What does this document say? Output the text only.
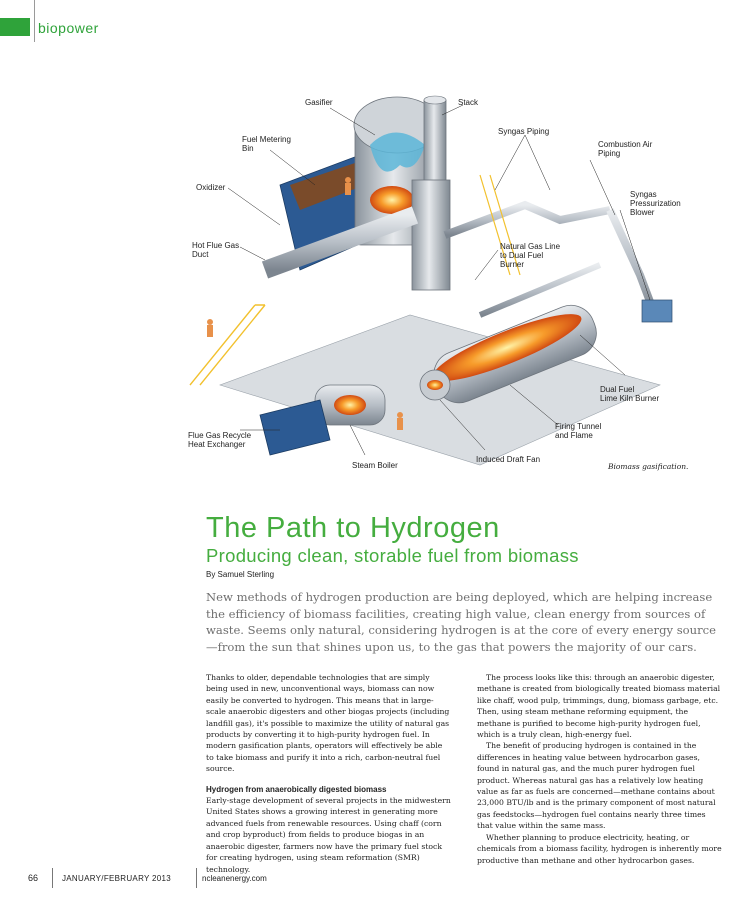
biopower
Gasifier	Stack
Syngas Piping
Fuel Metering
Bin	Combustion Air
Piping
Oxidizer
Syngas
Pressurization
Blower
Hot Flue Gas
Duct
Natural Gas Line
to Dual Fuel
Burner
Dual Fuel
Lime Kiln Burner
Flue Gas Recycle
Heat Exchanger
Firing Tunnel
and Flame
Steam Boiler
Induced Draft Fan
Biomass gasification.
The Path to Hydrogen
Producing clean, storable fuel from biomass
By Samuel Sterling

New methods of hydrogen production are being deployed, which are helping increase the efficiency of biomass facilities, creating high value, clean energy from sources of waste. Seems only natural, considering hydrogen is at the core of every energy source—from the sun that shines upon us, to the gas that powers the majority of our cars.

Thanks to older, dependable technologies that are simply being used in new, unconventional ways, biomass can now easily be converted to hydrogen. This means that in large-scale anaerobic digesters and other biogas projects (including landfill gas), it's possible to maximize the utility of natural gas products by converting it to high-purity hydrogen fuel. In modern gasification plants, operators will effectively be able to take biomass and purify it into a rich, carbon-neutral fuel source.

Hydrogen from anaerobically digested biomass

Early-stage development of several projects in the midwestern United States shows a growing interest in generating more advanced fuels from renewable resources. Using chaff (corn and crop byproduct) from fields to produce biogas in an anaerobic digester, farmers now have the primary fuel stock for creating hydrogen, using steam reformation (SMR) technology.

The process looks like this: through an anaerobic digester, methane is created from biologically treated biomass material like chaff, wood pulp, trimmings, dung, biomass garbage, etc. Then, using steam methane reforming equipment, the methane is purified to become high-purity hydrogen fuel, which is a truly clean, high-energy fuel.

The benefit of producing hydrogen is contained in the differences in heating value between hydrocarbon gases, found in natural gas, and the much purer hydrogen fuel product. Whereas natural gas has a relatively low heating value as far as fuels are concerned—methane contains about 23,000 BTU/lb and is the primary component of most natural gas feedstocks—hydrogen fuel contains nearly three times that value within the same mass.

Whether planning to produce electricity, heating, or chemicals from a biomass facility, hydrogen is inherently more productive than methane and other hydrocarbon gases.

66	JANUARY/FEBRUARY 2013	ncleanenergy.com
